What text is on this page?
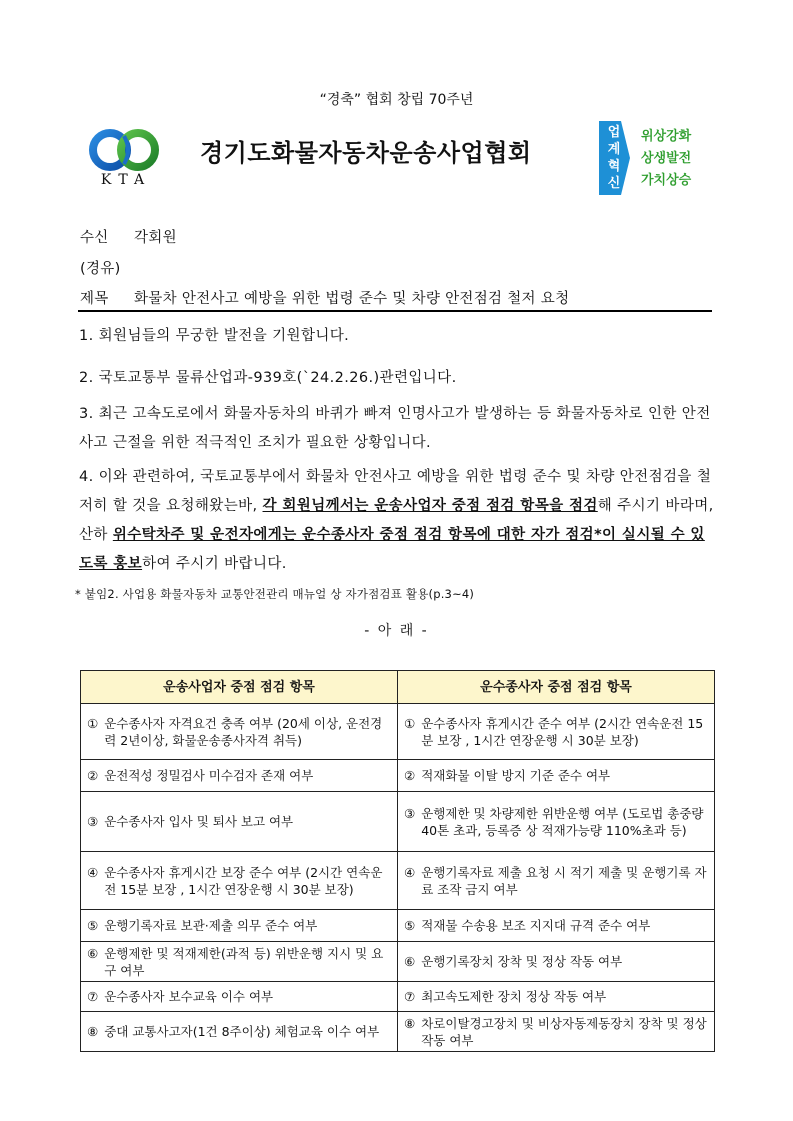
“경축” 협회 창립 70주년
KTA
경기도화물자동차운송사업협회
업
계
혁
신
위상강화
상생발전
가치상승
수신 각회원
(경유)
제목 화물차 안전사고 예방을 위한 법령 준수 및 차량 안전점검 철저 요청
1. 회원님들의 무궁한 발전을 기원합니다.
2. 국토교통부 물류산업과-939호(`24.2.26.)관련입니다.
3. 최근 고속도로에서 화물자동차의 바퀴가 빠져 인명사고가 발생하는 등 화물자동차로 인한 안전사고 근절을 위한 적극적인 조치가 필요한 상황입니다.
4. 이와 관련하여, 국토교통부에서 화물차 안전사고 예방을 위한 법령 준수 및 차량 안전점검을 철저히 할 것을 요청해왔는바, 각 회원님께서는 운송사업자 중점 점검 항목을 점검해 주시기 바라며, 산하 위수탁차주 및 운전자에게는 운수종사자 중점 점검 항목에 대한 자가 점검*이 실시될 수 있도록 홍보하여 주시기 바랍니다.
* 붙임2. 사업용 화물자동차 교통안전관리 매뉴얼 상 자가점검표 활용(p.3~4)
- 아 래 -
운송사업자 중점 점검 항목	운수종사자 중점 점검 항목

① 운수종사자 자격요건 충족 여부 (20세 이상, 운전경력 2년이상, 화물운송종사자격 취득)	① 운수종사자 휴게시간 준수 여부 (2시간 연속운전 15분 보장 , 1시간 연장운행 시 30분 보장)

② 운전적성 정밀검사 미수검자 존재 여부	② 적재화물 이탈 방지 기준 준수 여부

③ 운수종사자 입사 및 퇴사 보고 여부	③ 운행제한 및 차량제한 위반운행 여부 (도로법 총중량40톤 초과, 등록증 상 적재가능량 110%초과 등)

④ 운수종사자 휴게시간 보장 준수 여부 (2시간 연속운전 15분 보장 , 1시간 연장운행 시 30분 보장)	④ 운행기록자료 제출 요청 시 적기 제출 및 운행기록 자료 조작 금지 여부

⑤ 운행기록자료 보관·제출 의무 준수 여부	⑤ 적재물 수송용 보조 지지대 규격 준수 여부

⑥ 운행제한 및 적재제한(과적 등) 위반운행 지시 및 요구 여부	⑥ 운행기록장치 장착 및 정상 작동 여부

⑦ 운수종사자 보수교육 이수 여부	⑦ 최고속도제한 장치 정상 작동 여부

⑧ 중대 교통사고자(1건 8주이상) 체험교육 이수 여부	⑧ 차로이탈경고장치 및 비상자동제동장치 장착 및 정상 작동 여부
